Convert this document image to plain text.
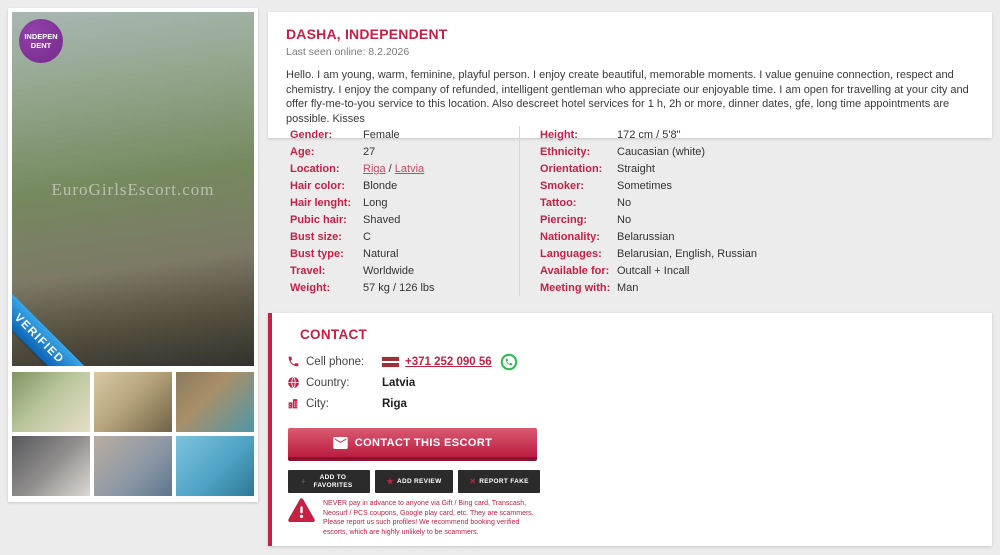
INDEPENDENT
EuroGirlsEscort.com
VERIFIED
DASHA, INDEPENDENT
Last seen online: 8.2.2026

Hello. I am young, warm, feminine, playful person. I enjoy create beautiful, memorable moments. I value genuine connection, respect and chemistry. I enjoy the company of refunded, intelligent gentleman who appreciate our enjoyable time. I am open for travelling at your city and offer fly-me-to-you service to this location. Also descreet hotel services for 1 h, 2h or more, dinner dates, gfe, long time appointments are possible. Kisses

Gender:	Female
Age:	27
Location:	Riga / Latvia
Hair color:	Blonde
Hair lenght:	Long
Pubic hair:	Shaved
Bust size:	C
Bust type:	Natural
Travel:	Worldwide
Weight:	57 kg / 126 lbs
Height:	172 cm / 5'8"
Ethnicity:	Caucasian (white)
Orientation:	Straight
Smoker:	Sometimes
Tattoo:	No
Piercing:	No
Nationality:	Belarussian
Languages:	Belarusian, English, Russian
Available for: Outcall + Incall
Meeting with: Man
CONTACT
Cell phone:	+371 252 090 56
Country:	Latvia
City:	Riga
CONTACT THIS ESCORT
+	ADD TO FAVORITES	★ ADD REVIEW	✕ REPORT FAKE

NEVER pay in advance to anyone via Gift / Bing card, Transcash, Neosurf / PCS coupons, Google play card, etc. They are scammers. Please report us such profiles! We recommend booking verified escorts, which are highly unlikely to be scammers.
